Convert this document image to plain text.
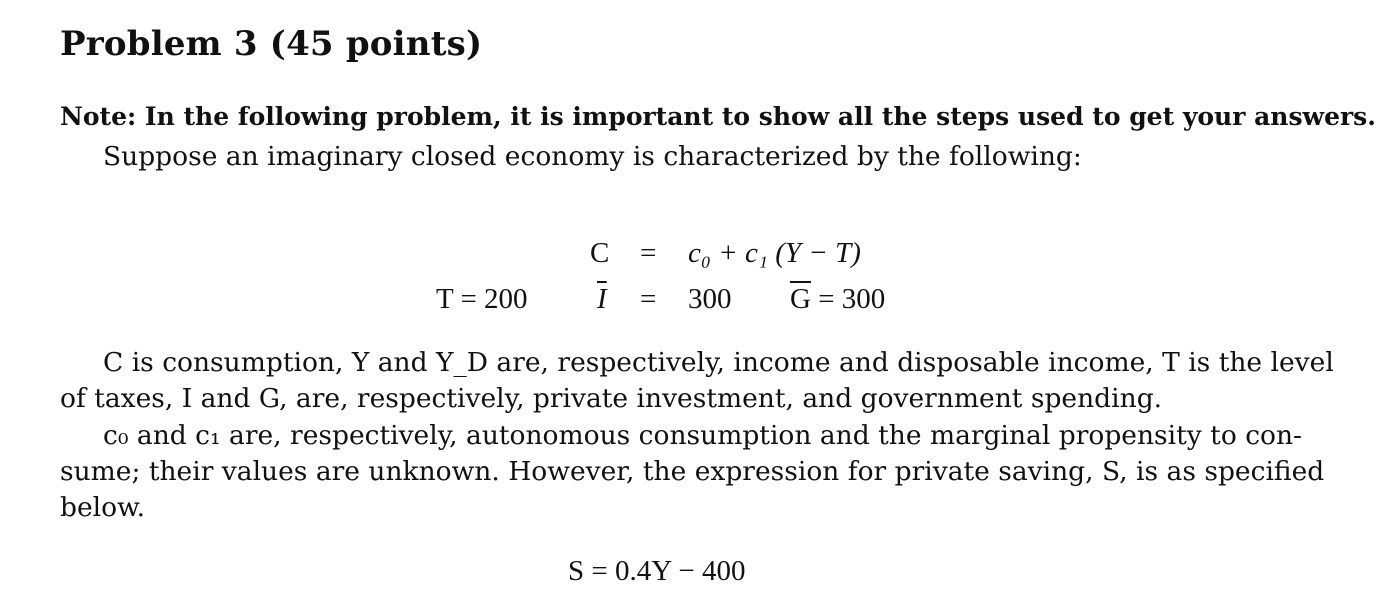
Problem 3 (45 points)
Note: In the following problem, it is important to show all the steps used to get your answers.
Suppose an imaginary closed economy is characterized by the following:
C = c₀ + c₁ (Y − T)
T = 200 $\overline{I} = 300$ $\overline{G} = 300$
C is consumption, Y and Y_D are, respectively, income and disposable income, T is the level
of taxes, I and G, are, respectively, private investment, and government spending.
c₀ and c₁ are, respectively, autonomous consumption and the marginal propensity to con-
sume; their values are unknown. However, the expression for private saving, S, is as specified
below.
S = 0.4Y − 400
